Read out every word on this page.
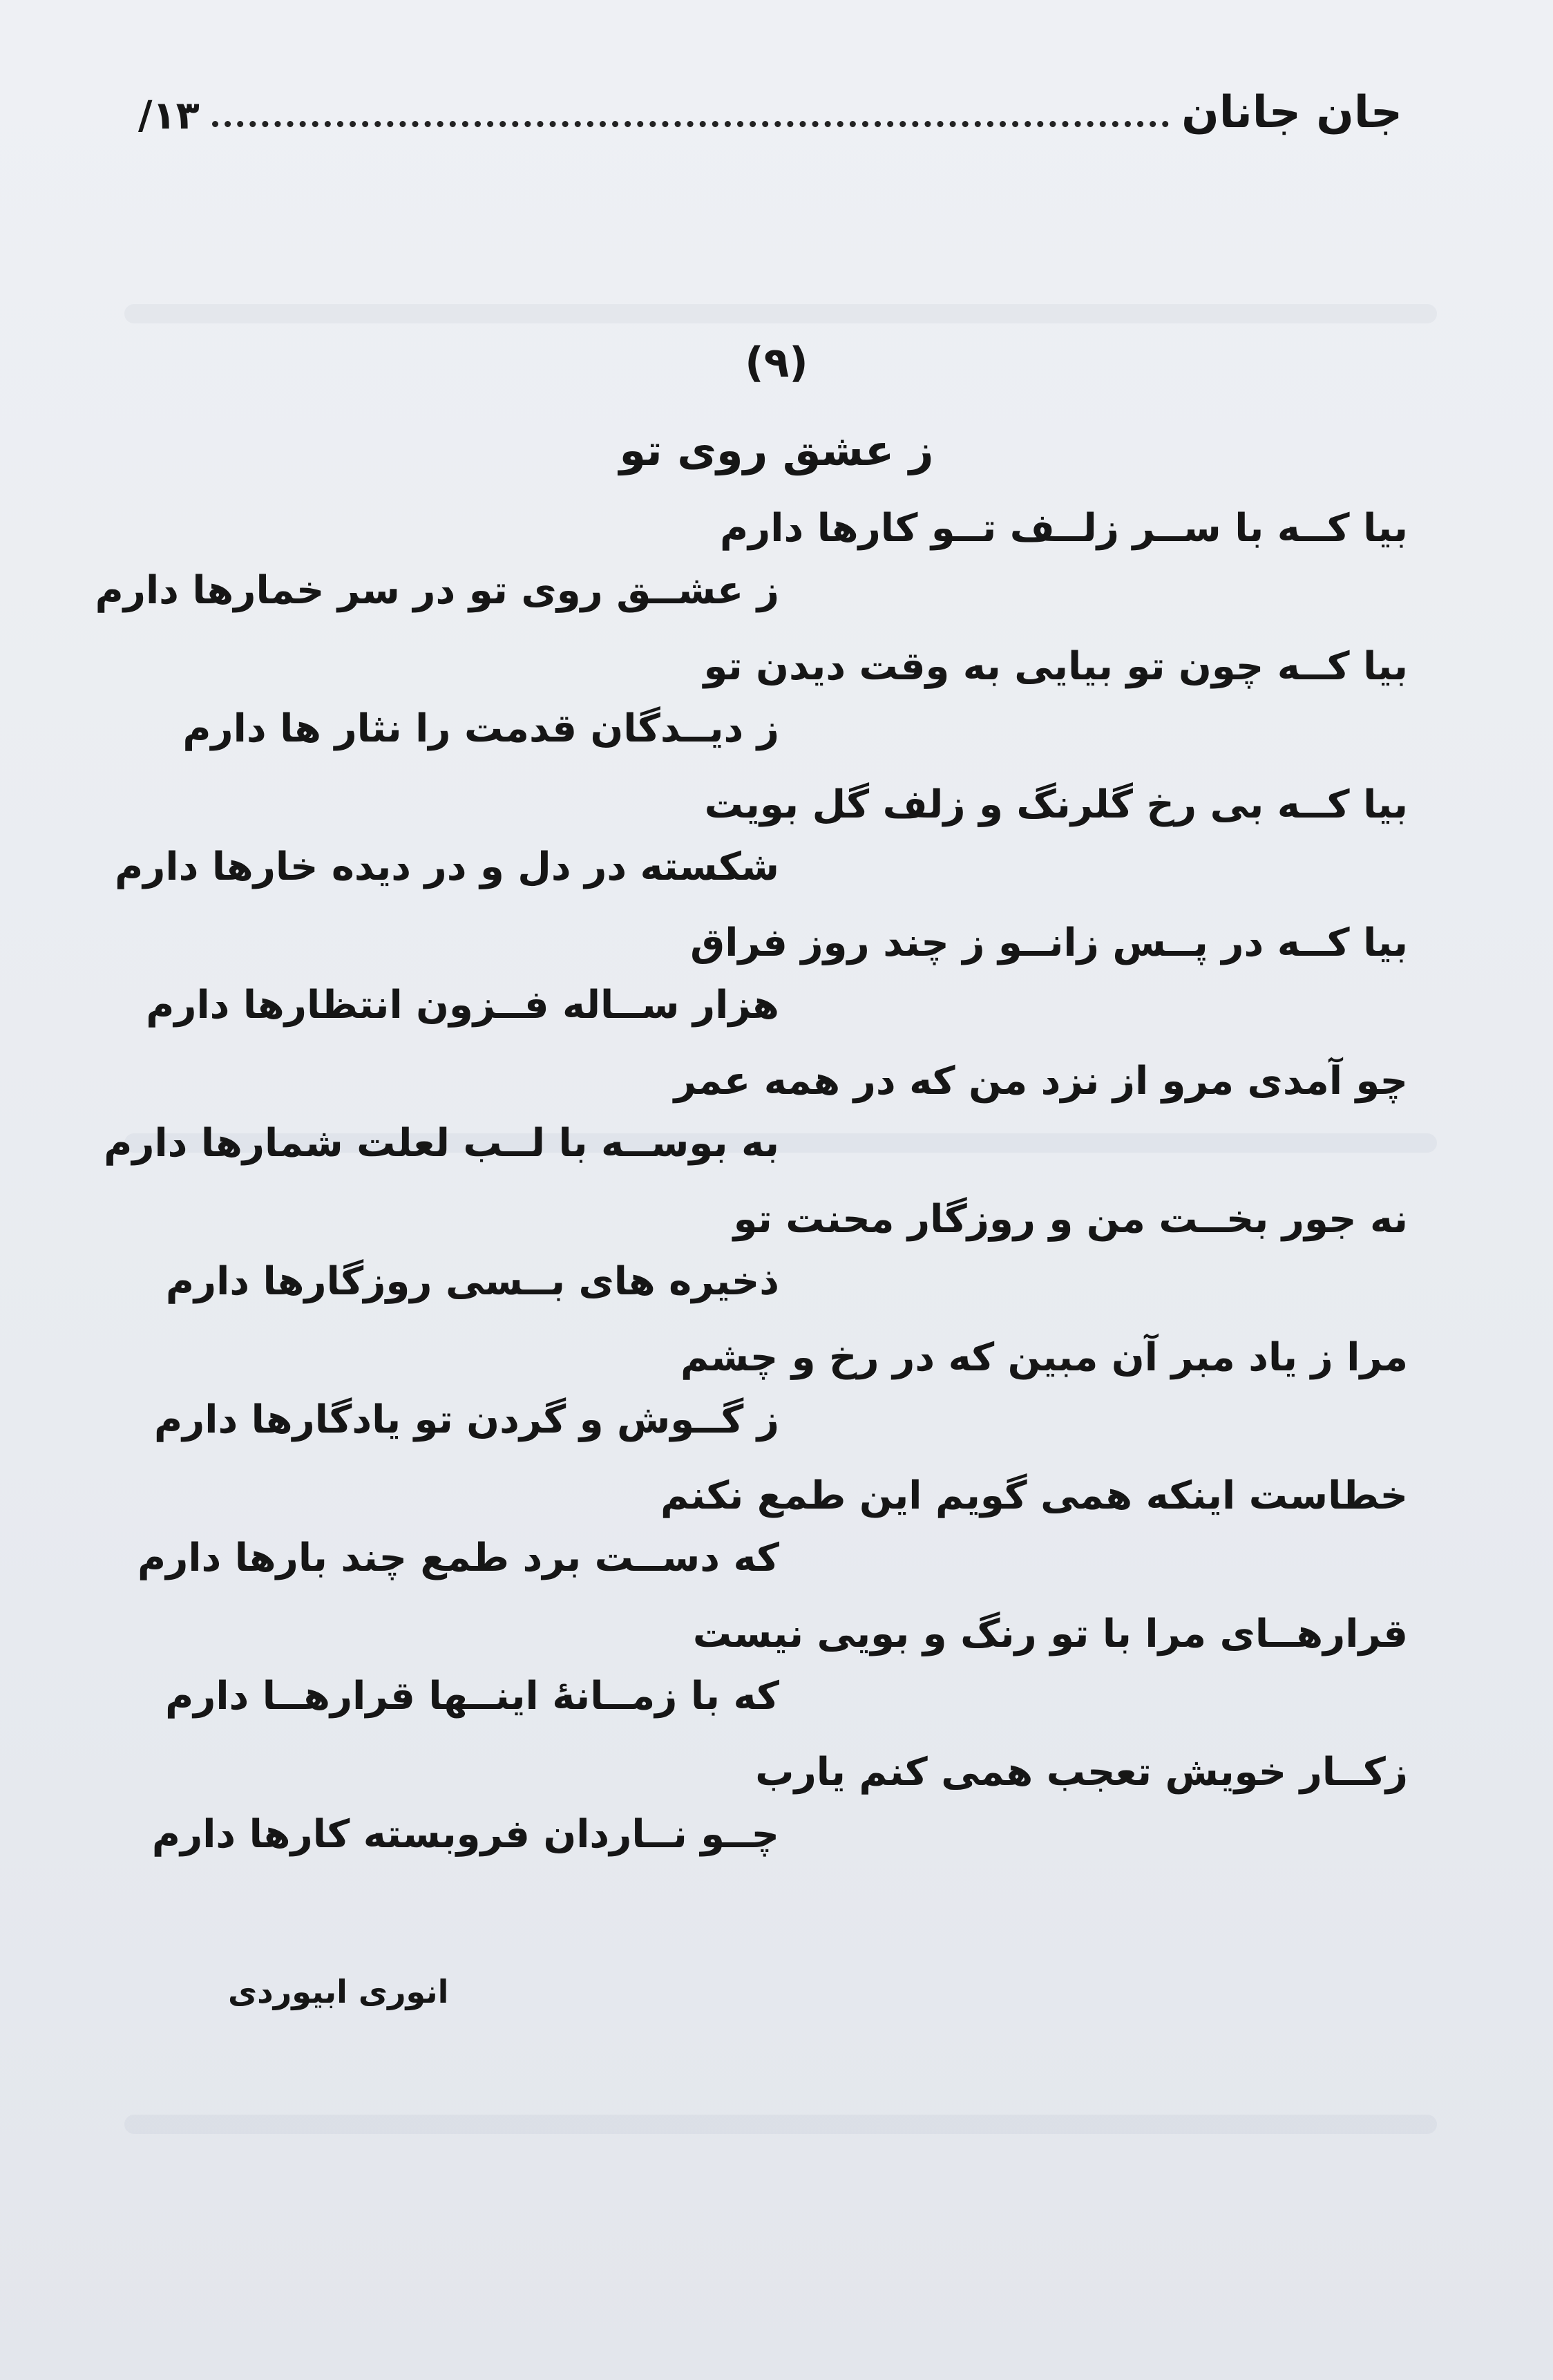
/۱۳	جان جانان
(۹)
ز عشق روی تو
بیا کــه با ســر زلــف تــو کارها دارم
ز عشــق روی تو در سر خمارها دارم
بیا کــه چون تو بیایی به وقت دیدن تو
ز دیــدگان قدمت را نثار ها دارم
بیا کــه بی رخ گلرنگ و زلف گل بویت
شکسته در دل و در دیده خارها دارم
بیا کــه در پــس زانــو ز چند روز فراق
هزار ســاله فــزون انتظارها دارم
چو آمدی مرو از نزد من که در همه عمر
به بوســه با لــب لعلت شمارها دارم
نه جور بخــت من و روزگار محنت تو
ذخیره های بــسی روزگارها دارم
مرا ز یاد مبر آن مبین که در رخ و چشم
ز گــوش و گردن تو یادگارها دارم
خطاست اینکه همی گویم این طمع نکنم
که دســت برد طمع چند بارها دارم
قرارهــای مرا با تو رنگ و بویی نیست
که با زمــانهٔ اینــها قرارهــا دارم
زکــار خویش تعجب همی کنم یارب
چــو نــاردان فروبسته کارها دارم
انوری ابیوردی
